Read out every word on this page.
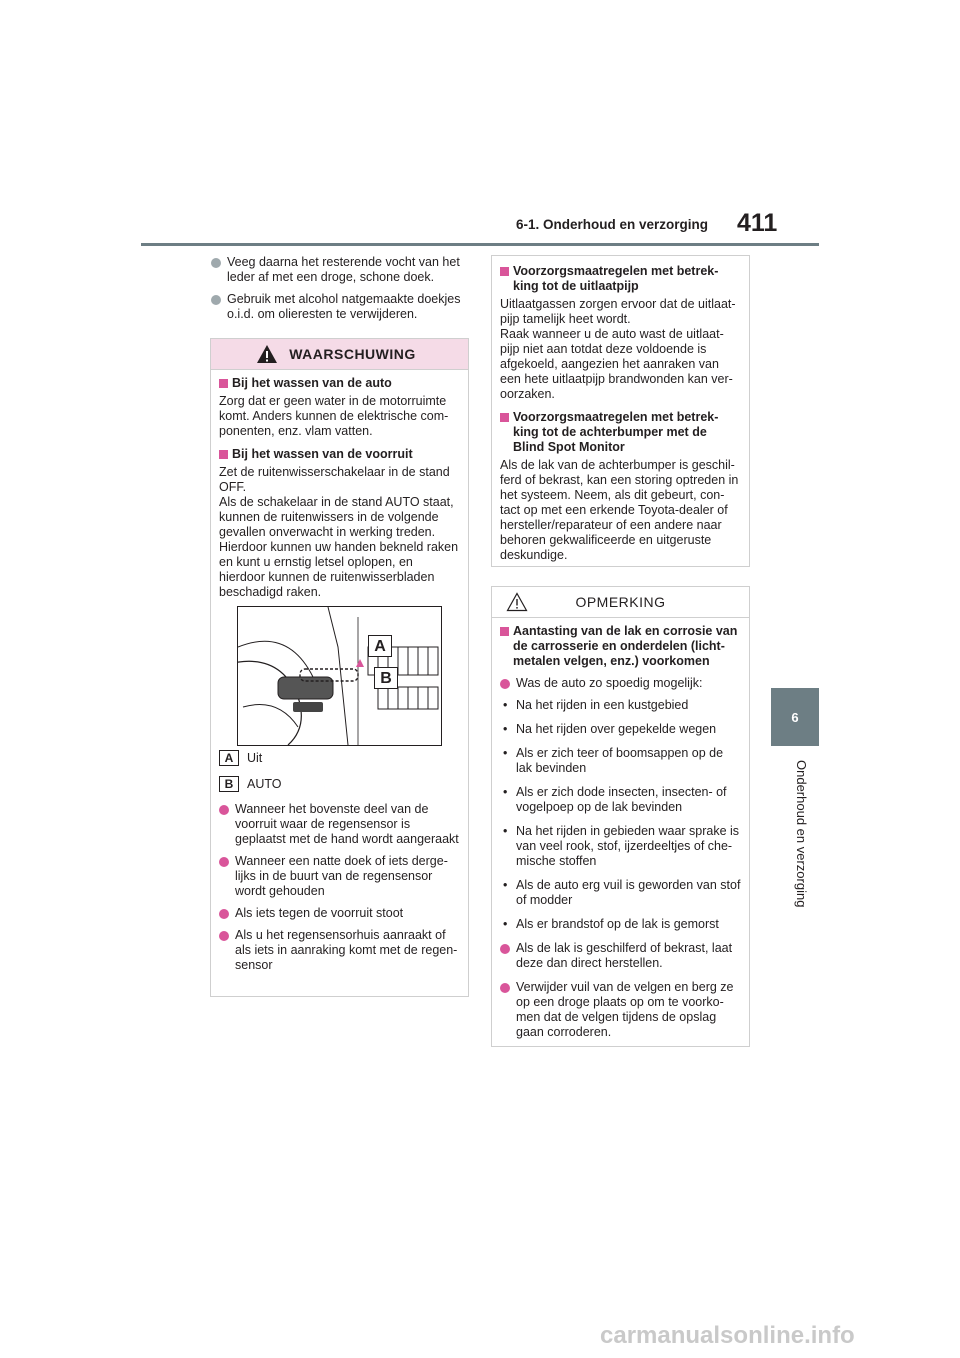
6-1. Onderhoud en verzorging 411
6
Onderhoud en verzorging
Veeg daarna het resterende vocht van het leder af met een droge, schone doek.
Gebruik met alcohol natgemaakte doekjes o.i.d. om olieresten te verwijderen.
WAARSCHUWING
Bij het wassen van de auto
Zorg dat er geen water in de motorruimte komt. Anders kunnen de elektrische com-ponenten, enz. vlam vatten.
Bij het wassen van de voorruit
Zet de ruitenwisserschakelaar in de stand OFF.
Als de schakelaar in de stand AUTO staat, kunnen de ruitenwissers in de volgende gevallen onverwacht in werking treden. Hierdoor kunnen uw handen bekneld raken en kunt u ernstig letsel oplopen, en hierdoor kunnen de ruitenwisserbladen beschadigd raken.
A
B
A	Uit
B	AUTO
Wanneer het bovenste deel van de voorruit waar de regensensor is geplaatst met de hand wordt aangeraakt
Wanneer een natte doek of iets derge-lijks in de buurt van de regensensor wordt gehouden
Als iets tegen de voorruit stoot
Als u het regensensorhuis aanraakt of als iets in aanraking komt met de regen-sensor
Voorzorgsmaatregelen met betrek-king tot de uitlaatpijp
Uitlaatgassen zorgen ervoor dat de uitlaat-pijp tamelijk heet wordt.
Raak wanneer u de auto wast de uitlaat-pijp niet aan totdat deze voldoende is afgekoeld, aangezien het aanraken van een hete uitlaatpijp brandwonden kan ver-oorzaken.
Voorzorgsmaatregelen met betrek-king tot de achterbumper met de Blind Spot Monitor
Als de lak van de achterbumper is geschil-ferd of bekrast, kan een storing optreden in het systeem. Neem, als dit gebeurt, con-tact op met een erkende Toyota-dealer of hersteller/reparateur of een andere naar behoren gekwalificeerde en uitgeruste deskundige.
OPMERKING
Aantasting van de lak en corrosie van de carrosserie en onderdelen (licht-metalen velgen, enz.) voorkomen
Was de auto zo spoedig mogelijk:
• Na het rijden in een kustgebied
• Na het rijden over gepekelde wegen
• Als er zich teer of boomsappen op de lak bevinden
• Als er zich dode insecten, insecten- of vogelpoep op de lak bevinden
• Na het rijden in gebieden waar sprake is van veel rook, stof, ijzerdeeltjes of che-mische stoffen
• Als de auto erg vuil is geworden van stof of modder
• Als er brandstof op de lak is gemorst
Als de lak is geschilferd of bekrast, laat deze dan direct herstellen.
Verwijder vuil van de velgen en berg ze op een droge plaats op om te voorko-men dat de velgen tijdens de opslag gaan corroderen.
carmanualsonline.info
